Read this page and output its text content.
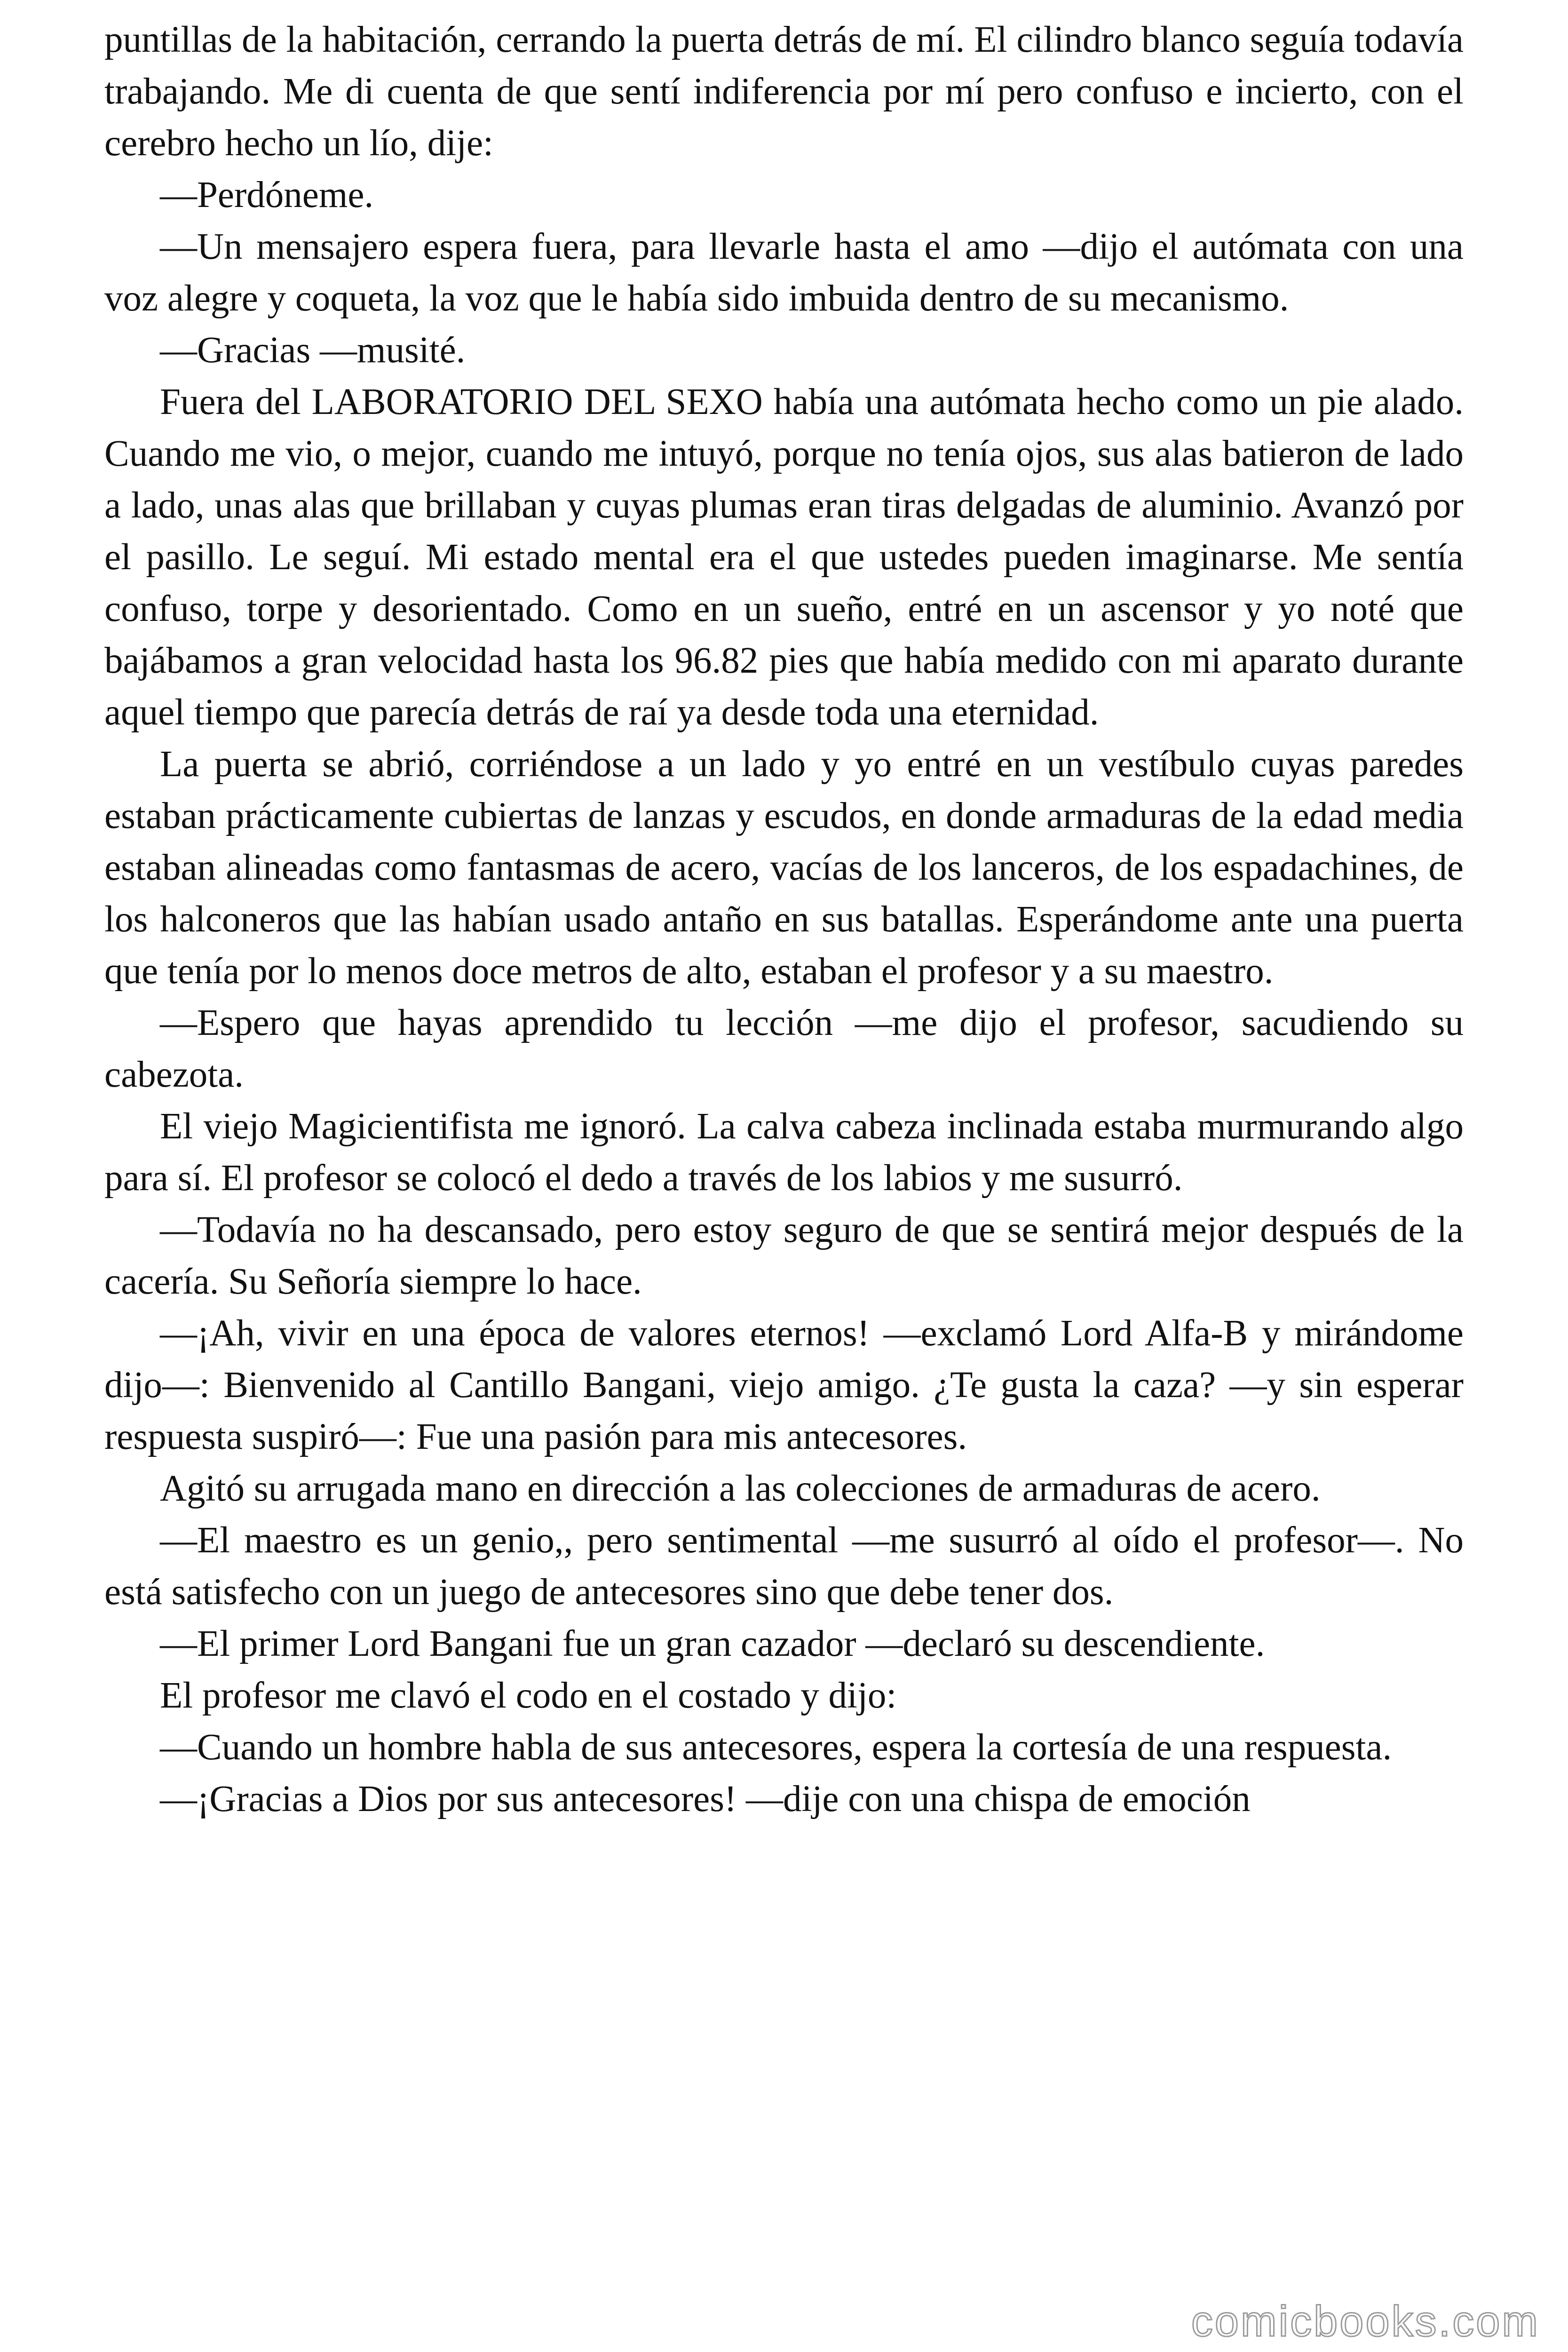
puntillas de la habitación, cerrando la puerta detrás de mí. El cilindro blanco seguía todavía trabajando. Me di cuenta de que sentí indiferencia por mí pero confuso e incierto, con el cerebro hecho un lío, dije:

—Perdóneme.

—Un mensajero espera fuera, para llevarle hasta el amo —dijo el autómata con una voz alegre y coqueta, la voz que le había sido imbuida dentro de su mecanismo.

—Gracias —musité.

Fuera del LABORATORIO DEL SEXO había una autómata hecho como un pie alado. Cuando me vio, o mejor, cuando me intuyó, porque no tenía ojos, sus alas batieron de lado a lado, unas alas que brillaban y cuyas plumas eran tiras delgadas de aluminio. Avanzó por el pasillo. Le seguí. Mi estado mental era el que ustedes pueden imaginarse. Me sentía confuso, torpe y desorientado. Como en un sueño, entré en un ascensor y yo noté que bajábamos a gran velocidad hasta los 96.82 pies que había medido con mi aparato durante aquel tiempo que parecía detrás de raí ya desde toda una eternidad.

La puerta se abrió, corriéndose a un lado y yo entré en un vestíbulo cuyas paredes estaban prácticamente cubiertas de lanzas y escudos, en donde armaduras de la edad media estaban alineadas como fantasmas de acero, vacías de los lanceros, de los espadachines, de los halconeros que las habían usado antaño en sus batallas. Esperándome ante una puerta que tenía por lo menos doce metros de alto, estaban el profesor y a su maestro.

—Espero que hayas aprendido tu lección —me dijo el profesor, sacudiendo su cabezota.

El viejo Magicientifista me ignoró. La calva cabeza inclinada estaba murmurando algo para sí. El profesor se colocó el dedo a través de los labios y me susurró.

—Todavía no ha descansado, pero estoy seguro de que se sentirá mejor después de la cacería. Su Señoría siempre lo hace.

—¡Ah, vivir en una época de valores eternos! —exclamó Lord Alfa-B y mirándome dijo—: Bienvenido al Cantillo Bangani, viejo amigo. ¿Te gusta la caza? —y sin esperar respuesta suspiró—: Fue una pasión para mis antecesores.

Agitó su arrugada mano en dirección a las colecciones de armaduras de acero.

—El maestro es un genio,, pero sentimental —me susurró al oído el profesor—. No está satisfecho con un juego de antecesores sino que debe tener dos.

—El primer Lord Bangani fue un gran cazador —declaró su descendiente.

El profesor me clavó el codo en el costado y dijo:

—Cuando un hombre habla de sus antecesores, espera la cortesía de una respuesta.

—¡Gracias a Dios por sus antecesores! —dije con una chispa de emoción

comicbooks.com
